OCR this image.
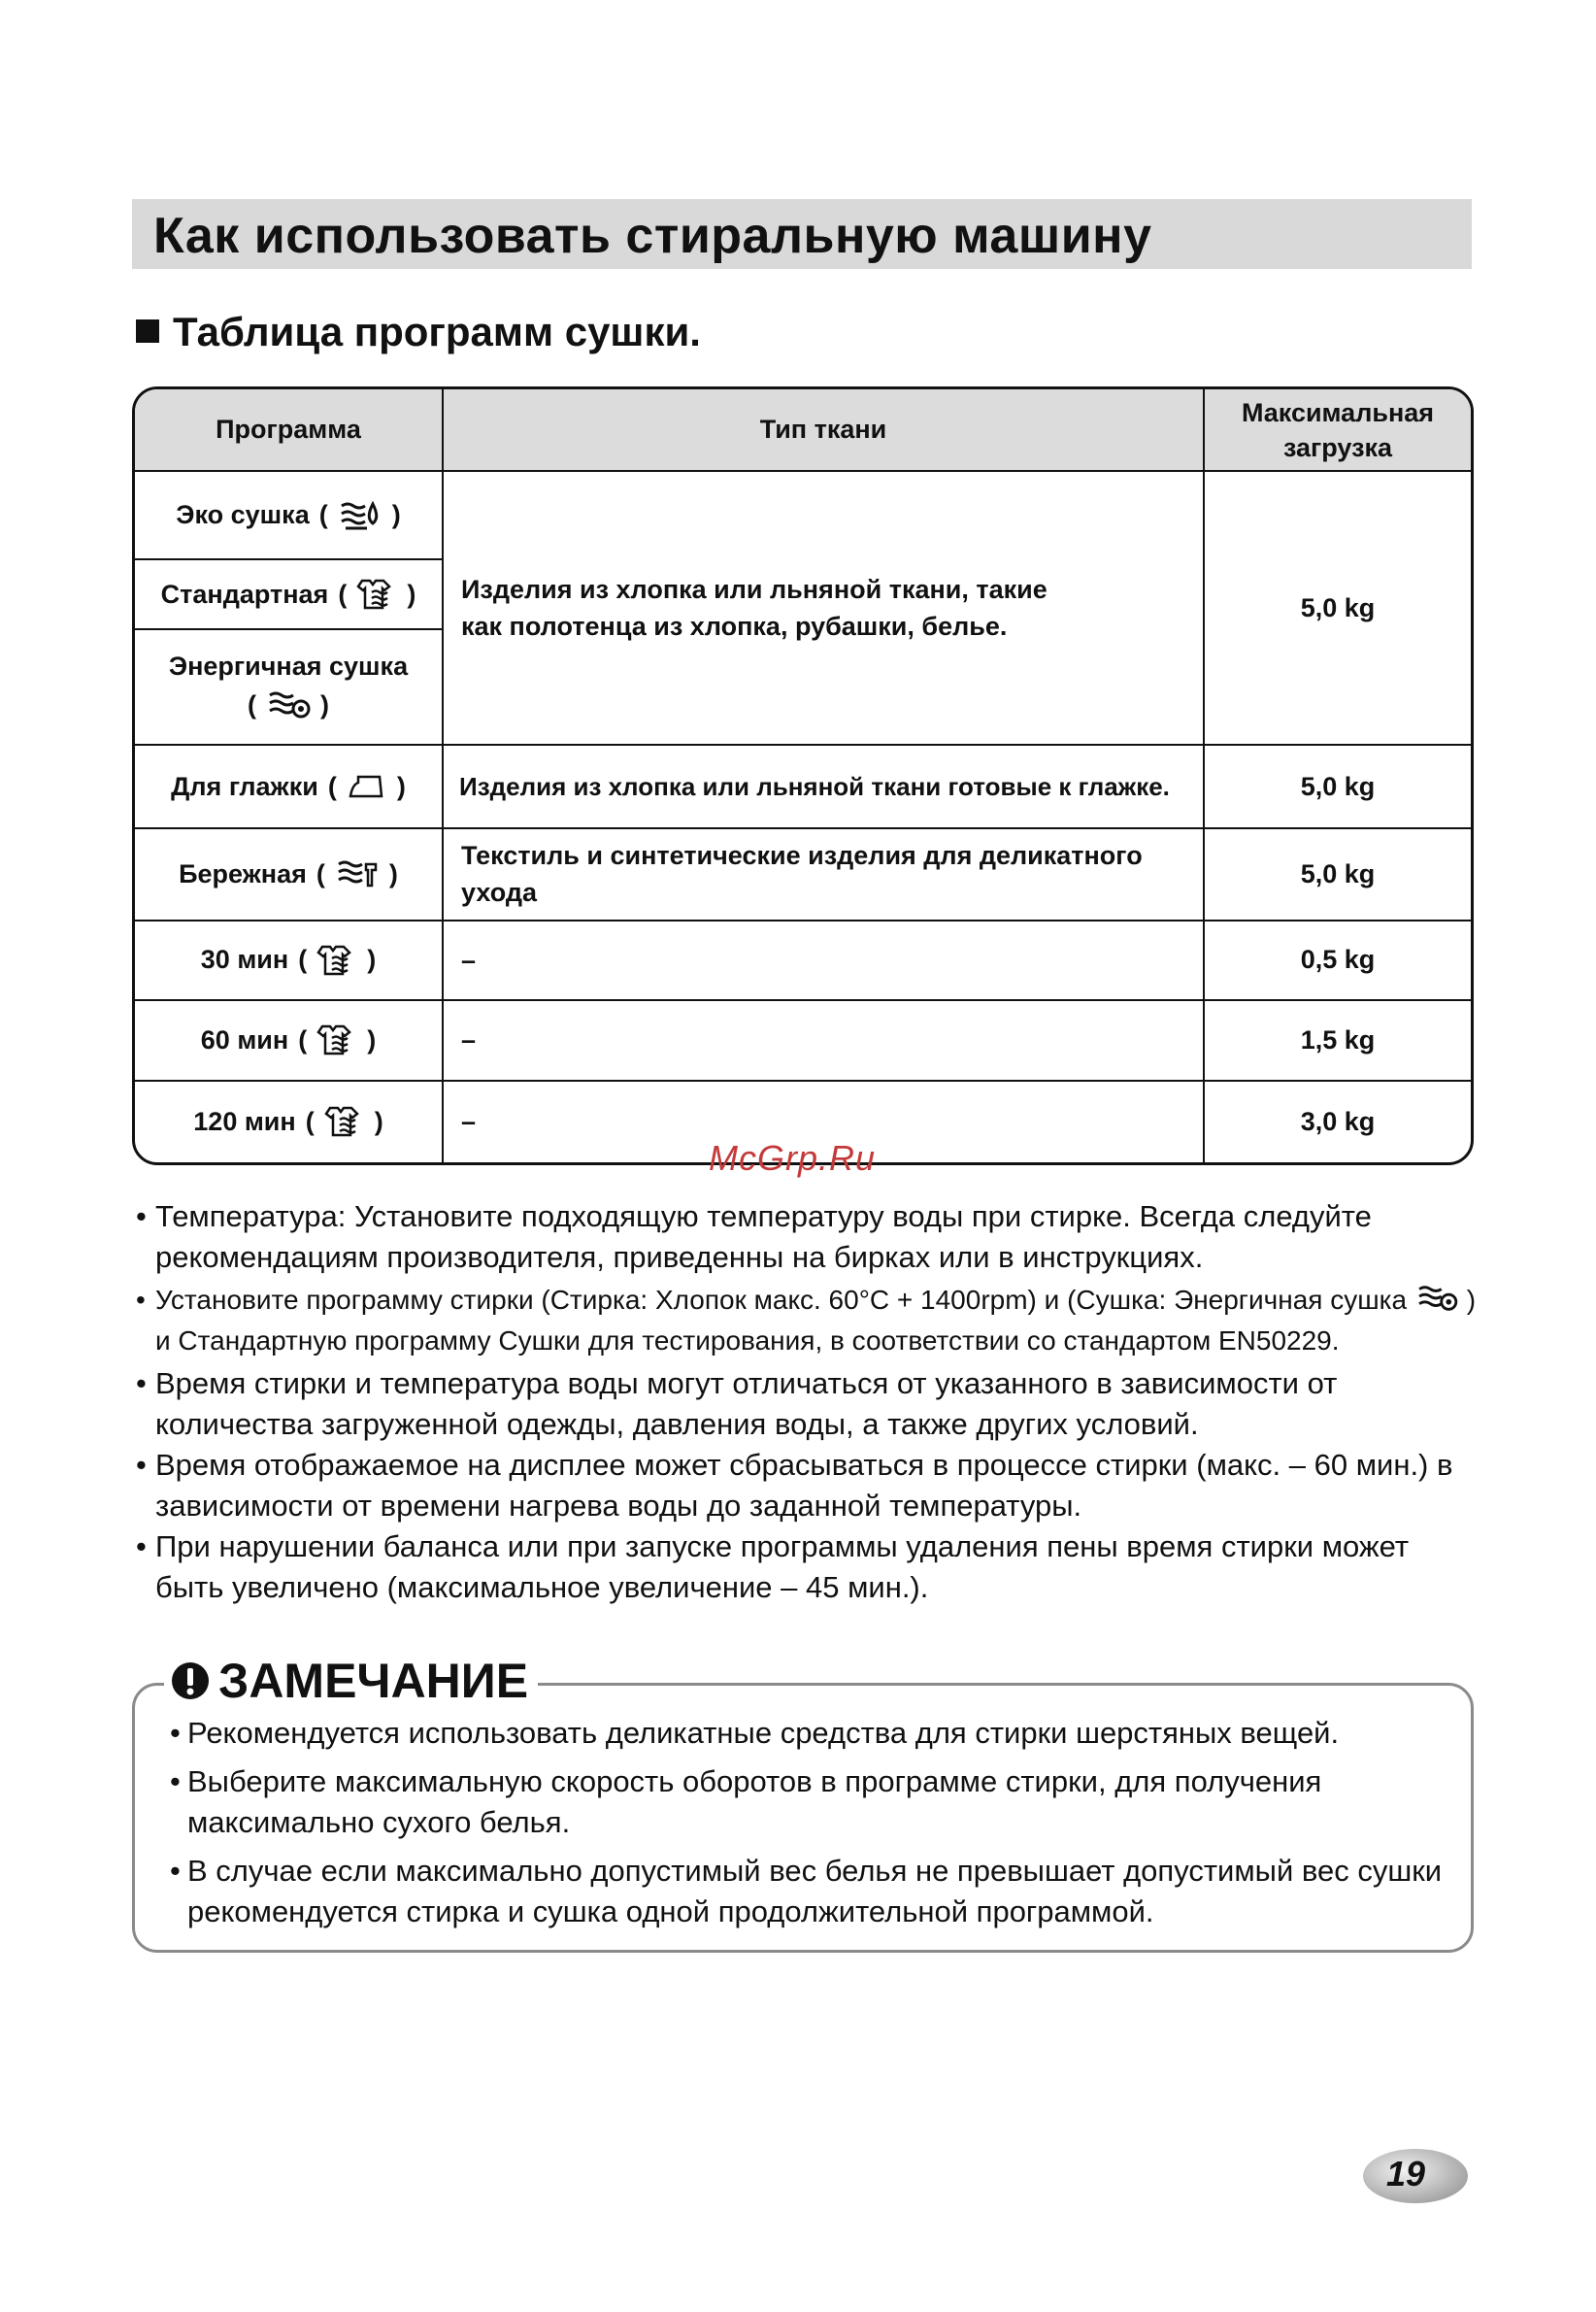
Как использовать стиральную машину
Таблица программ сушки.
Программа	Тип ткани	Максимальная загрузка

Эко сушка ( )	Изделия из хлопка или льняной ткани, такие как полотенца из хлопка, рубашки, белье.	5,0 kg

Стандартная ( )		

Энергичная сушка
( )		

Для глажки ( )	Изделия из хлопка или льняной ткани готовые к глажке.	5,0 kg

Бережная ( )	Текстиль и синтетические изделия для деликатного ухода	5,0 kg

30 мин ( )	–	0,5 kg

60 мин ( )	–	1,5 kg

120 мин ( )	–	3,0 kg
McGrp.Ru
• Температура: Установите подходящую температуру воды при стирке. Всегда следуйте рекомендациям производителя, приведенны на бирках или в инструкциях.
• Установите программу стирки (Стирка: Хлопок макс. 60°C + 1400rpm) и (Сушка: Энергичная сушка ) и Стандартную программу Сушки для тестирования, в соответствии со стандартом EN50229.
• Время стирки и температура воды могут отличаться от указанного в зависимости от количества загруженной одежды, давления воды, а также других условий.
• Время отображаемое на дисплее может сбрасываться в процессе стирки (макс. – 60 мин.) в зависимости от времени нагрева воды до заданной температуры.
• При нарушении баланса или при запуске программы удаления пены время стирки может быть увеличено (максимальное увеличение – 45 мин.).
ЗАМЕЧАНИЕ
• Рекомендуется использовать деликатные средства для стирки шерстяных вещей.
• Выберите максимальную скорость оборотов в программе стирки, для получения максимально сухого белья.
• В случае если максимально допустимый вес белья не превышает допустимый вес сушки рекомендуется стирка и сушка одной продолжительной программой.
19
